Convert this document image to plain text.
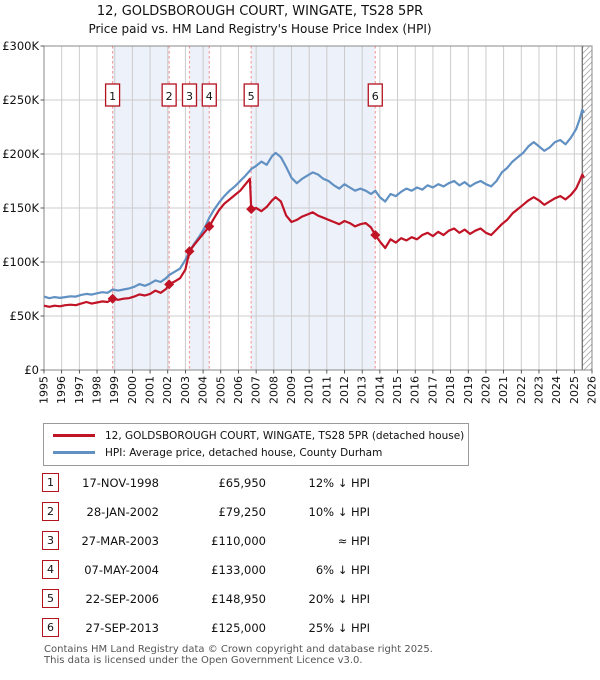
1	2 3 4	5	6
£0
£50K
£100K
£150K
£200K
£250K
£300K
1995 1996 1997 1998 1999 2000 2001 2002 2003 2004 2005 2006 2007 2008 2009 2010 2011 2012 2013 2014 2015 2016 2017 2018 2019 2020 2021 2022 2023 2024 2025 2026
12, GOLDSBOROUGH COURT, WINGATE, TS28 5PR
Price paid vs. HM Land Registry's House Price Index (HPI)
12, GOLDSBOROUGH COURT, WINGATE, TS28 5PR (detached house)
HPI: Average price, detached house, County Durham
1	17-NOV-1998	£65,950	12% ↓ HPI
2	28-JAN-2002	£79,250	10% ↓ HPI
3	27-MAR-2003	£110,000	≈ HPI
4	07-MAY-2004	£133,000	6% ↓ HPI
5	22-SEP-2006	£148,950	20% ↓ HPI
6	27-SEP-2013	£125,000	25% ↓ HPI
Contains HM Land Registry data © Crown copyright and database right 2025.
This data is licensed under the Open Government Licence v3.0.
